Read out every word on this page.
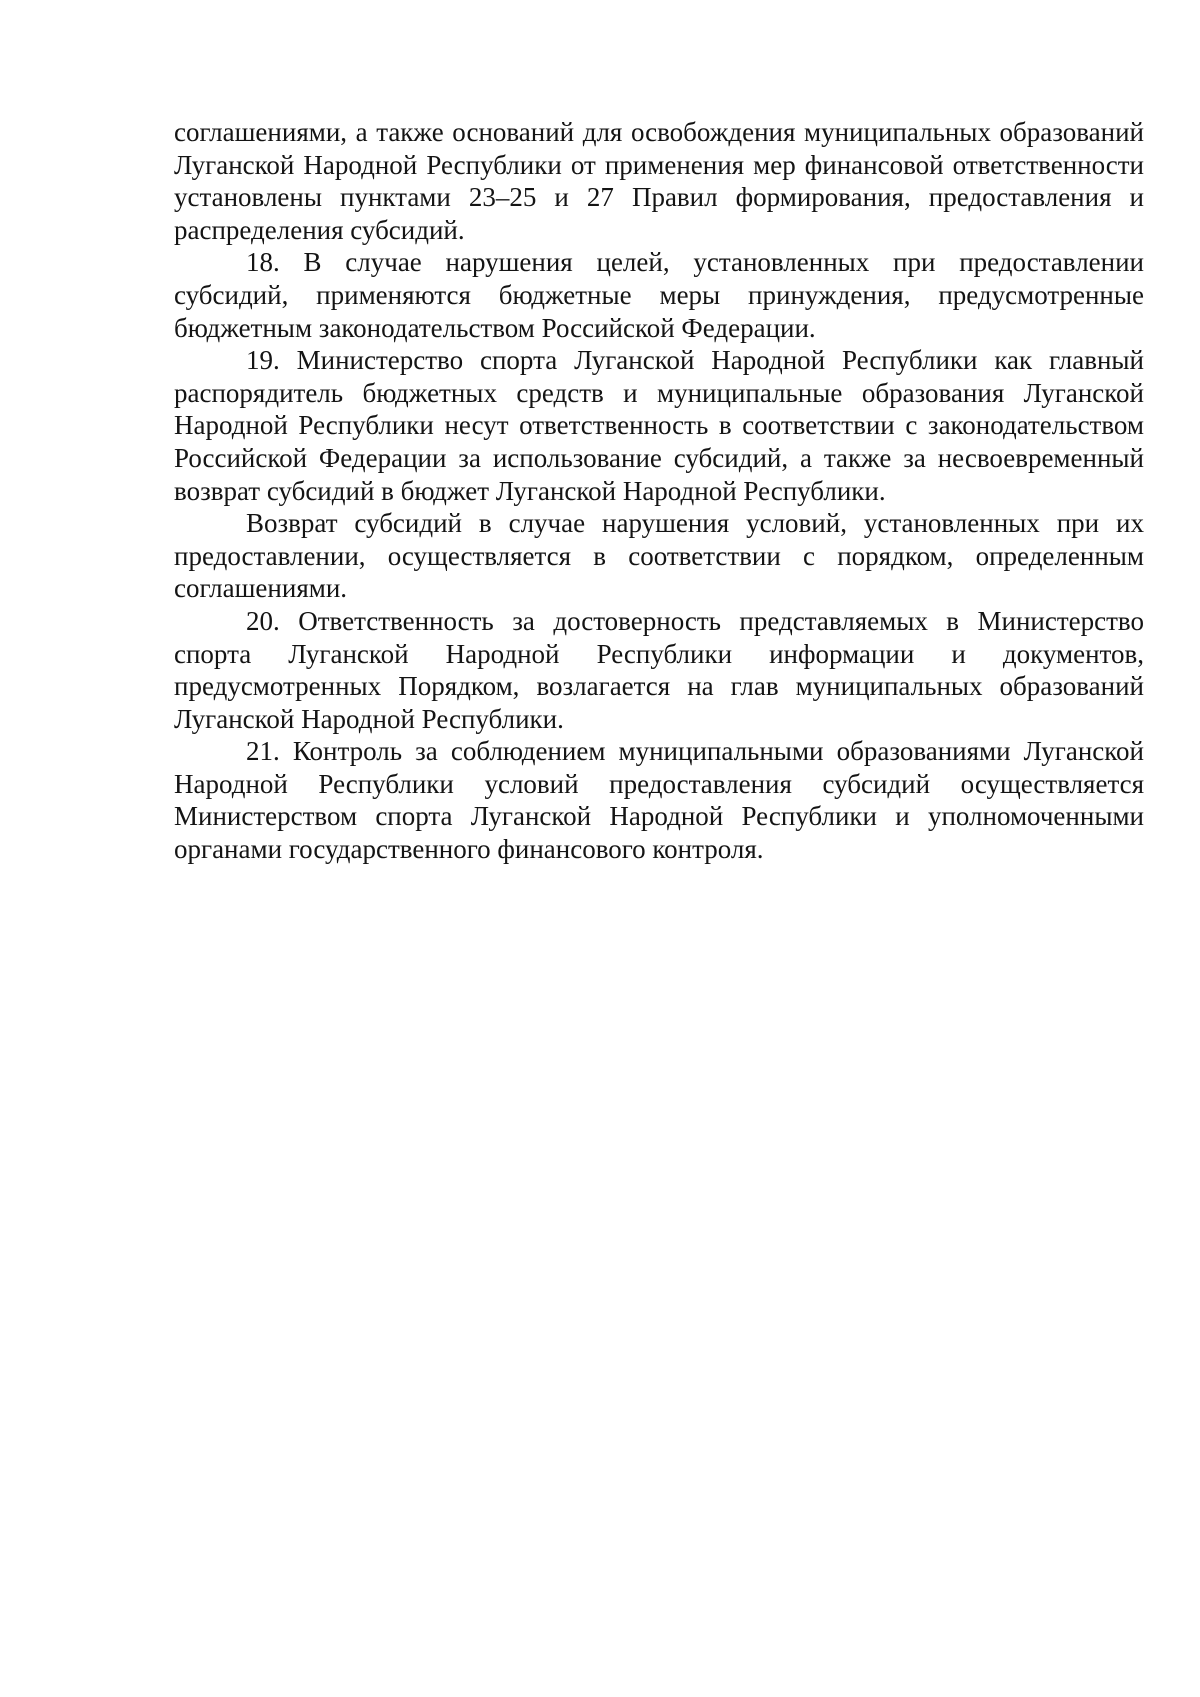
соглашениями, а также оснований для освобождения муниципальных образований Луганской Народной Республики от применения мер финансовой ответственности установлены пунктами 23–25 и 27 Правил формирования, предоставления и распределения субсидий.

18. В случае нарушения целей, установленных при предоставлении субсидий, применяются бюджетные меры принуждения, предусмотренные бюджетным законодательством Российской Федерации.

19. Министерство спорта Луганской Народной Республики как главный распорядитель бюджетных средств и муниципальные образования Луганской Народной Республики несут ответственность в соответствии с законодательством Российской Федерации за использование субсидий, а также за несвоевременный возврат субсидий в бюджет Луганской Народной Республики.

Возврат субсидий в случае нарушения условий, установленных при их предоставлении, осуществляется в соответствии с порядком, определенным соглашениями.

20. Ответственность за достоверность представляемых в Министерство спорта Луганской Народной Республики информации и документов, предусмотренных Порядком, возлагается на глав муниципальных образований Луганской Народной Республики.

21. Контроль за соблюдением муниципальными образованиями Луганской Народной Республики условий предоставления субсидий осуществляется Министерством спорта Луганской Народной Республики и уполномоченными органами государственного финансового контроля.
